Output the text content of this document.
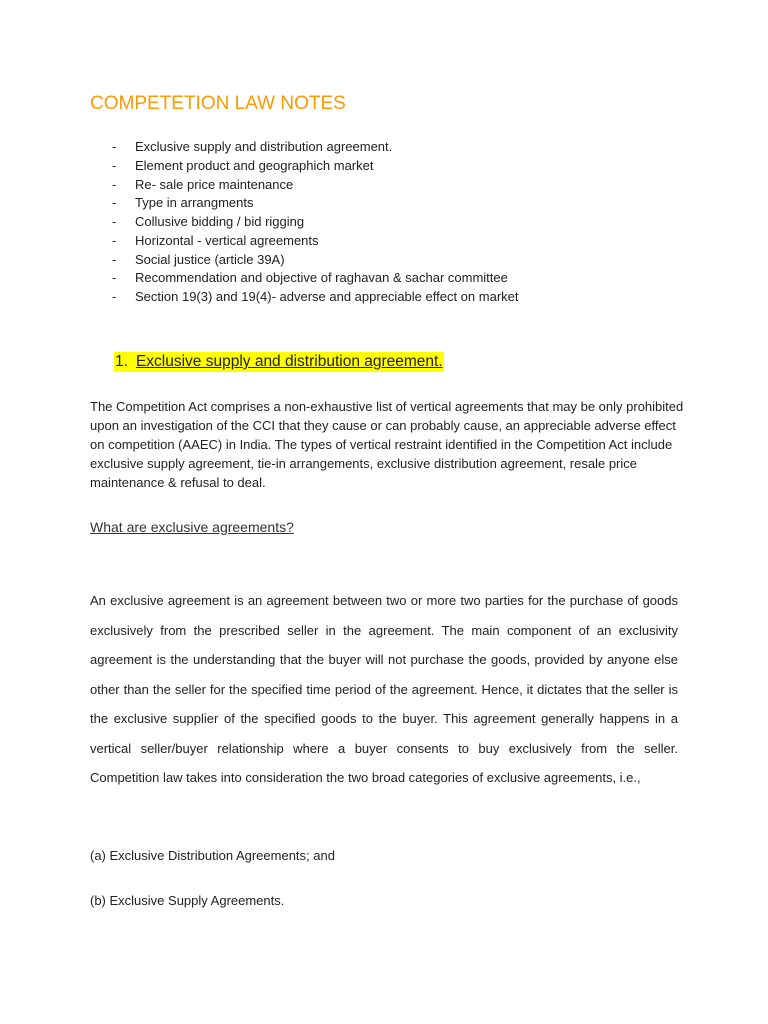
COMPETETION LAW NOTES
-	Exclusive supply and distribution agreement.
-	Element product and geographich market
-	Re- sale price maintenance
-	Type in arrangments
-	Collusive bidding / bid rigging
-	Horizontal - vertical agreements
-	Social justice (article 39A)
-	Recommendation and objective of raghavan & sachar committee
-	Section 19(3) and 19(4)- adverse and appreciable effect on market
1. Exclusive supply and distribution agreement.

The Competition Act comprises a non-exhaustive list of vertical agreements that may be only prohibited upon an investigation of the CCI that they cause or can probably cause, an appreciable adverse effect on competition (AAEC) in India. The types of vertical restraint identified in the Competition Act include exclusive supply agreement, tie-in arrangements, exclusive distribution agreement, resale price maintenance & refusal to deal.

What are exclusive agreements?

An exclusive agreement is an agreement between two or more two parties for the purchase of goods exclusively from the prescribed seller in the agreement. The main component of an exclusivity agreement is the understanding that the buyer will not purchase the goods, provided by anyone else other than the seller for the specified time period of the agreement. Hence, it dictates that the seller is the exclusive supplier of the specified goods to the buyer. This agreement generally happens in a vertical seller/buyer relationship where a buyer consents to buy exclusively from the seller. Competition law takes into consideration the two broad categories of exclusive agreements, i.e.,

(a) Exclusive Distribution Agreements; and
(b) Exclusive Supply Agreements.
